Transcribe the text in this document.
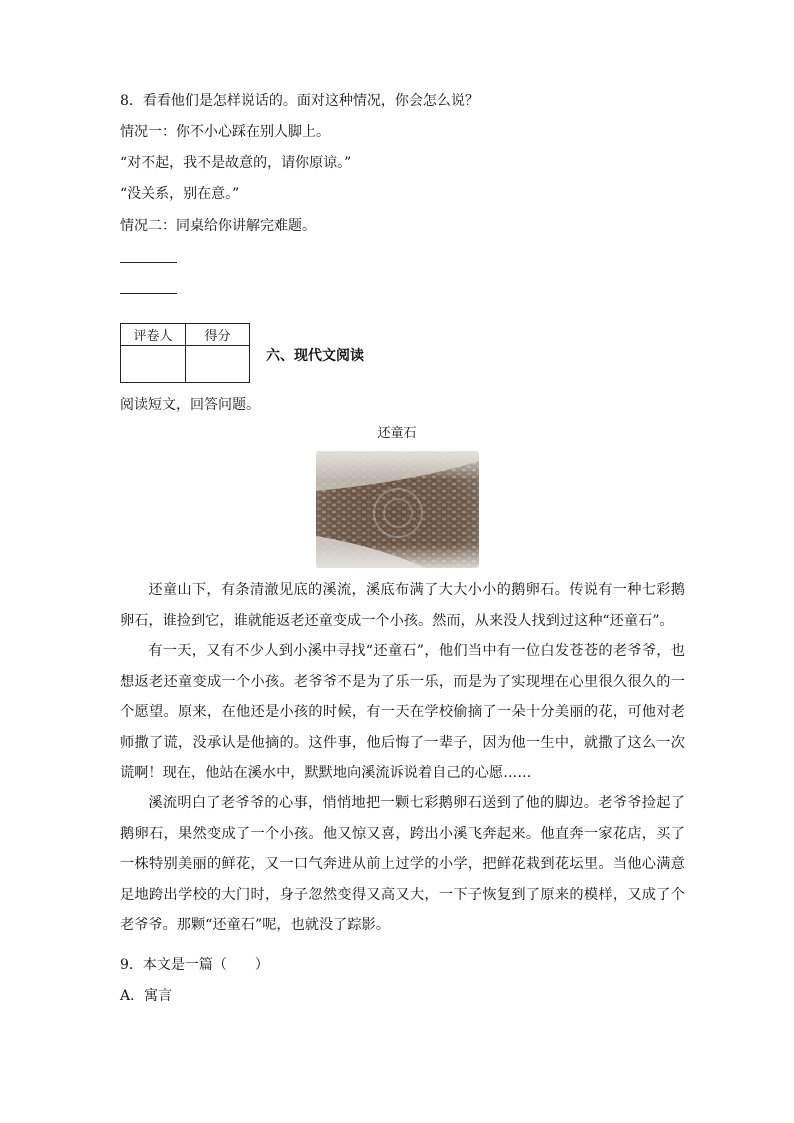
8．看看他们是怎样说话的。面对这种情况，你会怎么说？
情况一：你不小心踩在别人脚上。
“对不起，我不是故意的，请你原谅。”
“没关系，别在意。”
情况二：同桌给你讲解完难题。
评卷人	得分

六、现代文阅读
阅读短文，回答问题。
还童石
还童山下，有条清澈见底的溪流，溪底布满了大大小小的鹅卵石。传说有一种七彩鹅卵石，谁捡到它，谁就能返老还童变成一个小孩。然而，从来没人找到过这种“还童石”。
有一天，又有不少人到小溪中寻找“还童石”，他们当中有一位白发苍苍的老爷爷，也想返老还童变成一个小孩。老爷爷不是为了乐一乐，而是为了实现埋在心里很久很久的一个愿望。原来，在他还是小孩的时候，有一天在学校偷摘了一朵十分美丽的花，可他对老师撒了谎，没承认是他摘的。这件事，他后悔了一辈子，因为他一生中，就撒了这么一次谎啊！现在，他站在溪水中，默默地向溪流诉说着自己的心愿……
溪流明白了老爷爷的心事，悄悄地把一颗七彩鹅卵石送到了他的脚边。老爷爷捡起了鹅卵石，果然变成了一个小孩。他又惊又喜，跨出小溪飞奔起来。他直奔一家花店，买了一株特别美丽的鲜花，又一口气奔进从前上过学的小学，把鲜花栽到花坛里。当他心满意足地跨出学校的大门时，身子忽然变得又高又大，一下子恢复到了原来的模样，又成了个老爷爷。那颗“还童石”呢，也就没了踪影。
9．本文是一篇（　　）
A．寓言
